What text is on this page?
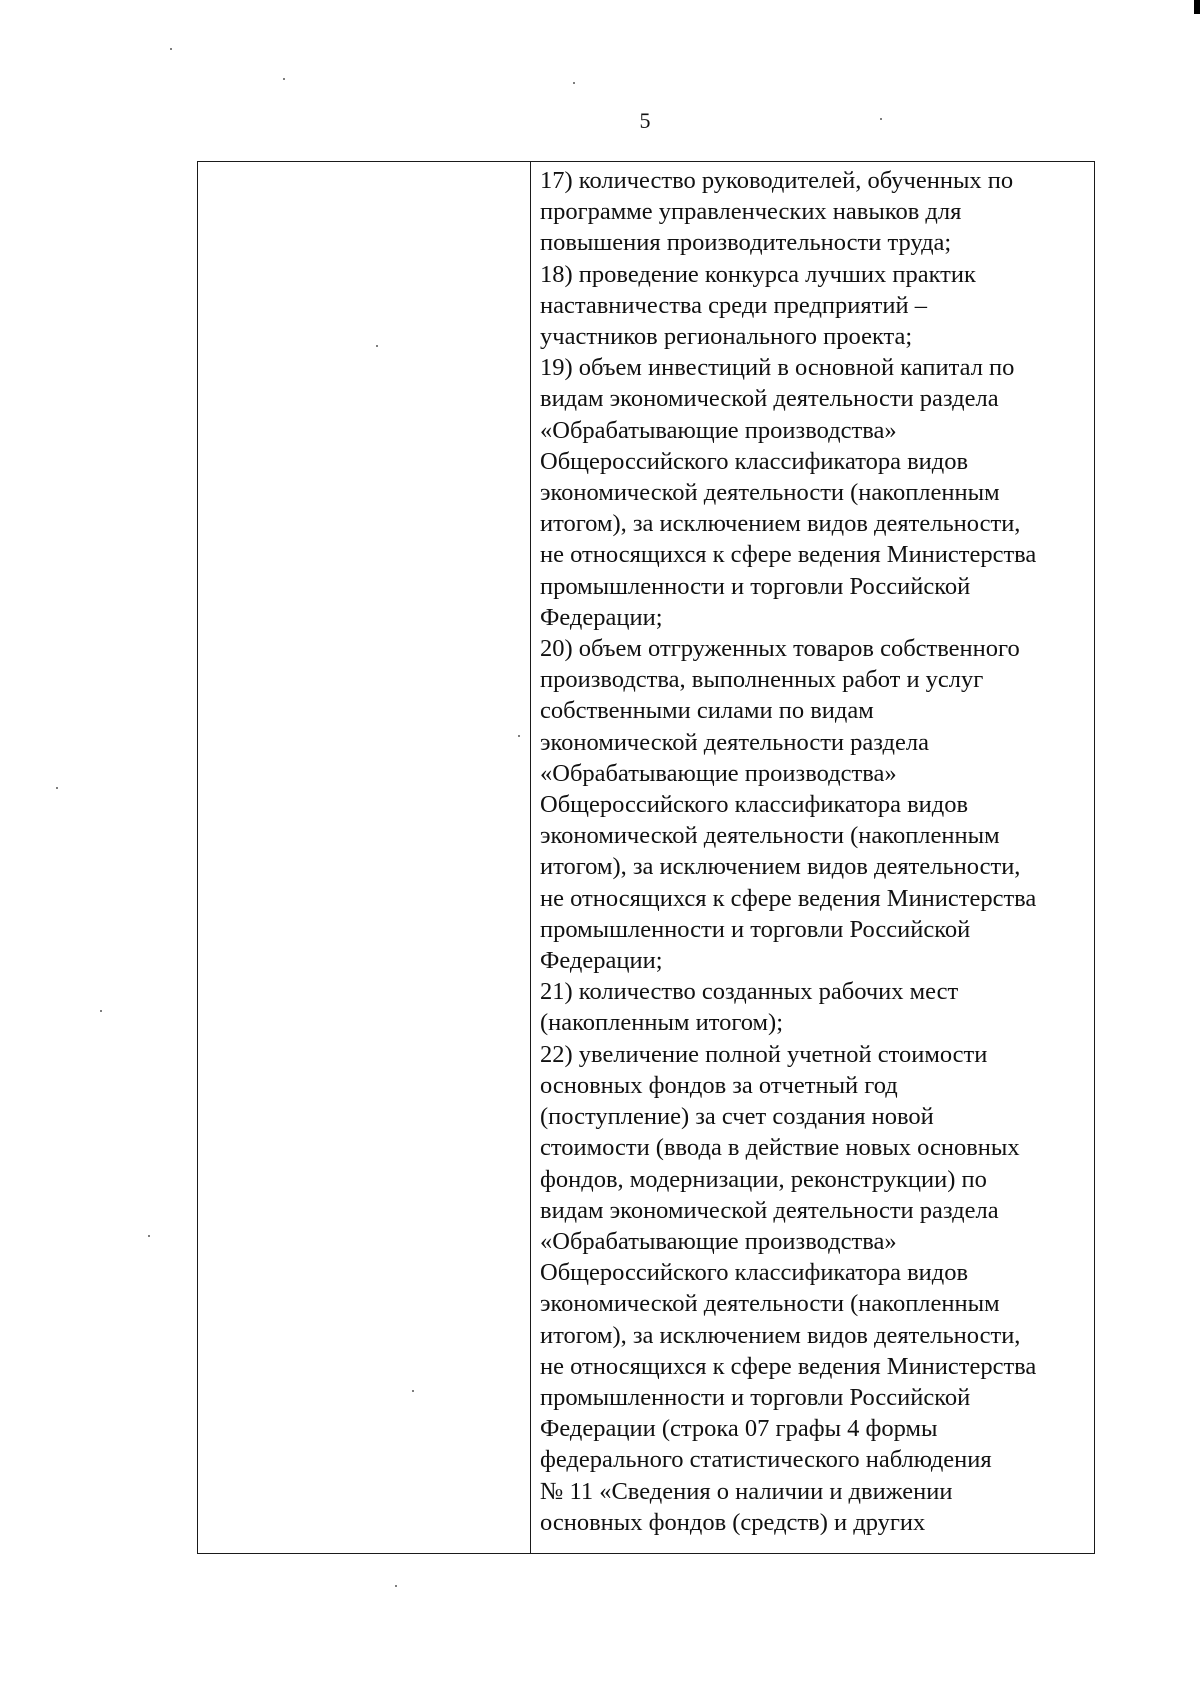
5
17) количество руководителей, обученных по
программе управленческих навыков для
повышения производительности труда;
18) проведение конкурса лучших практик
наставничества среди предприятий –
участников регионального проекта;
19) объем инвестиций в основной капитал по
видам экономической деятельности раздела
«Обрабатывающие производства»
Общероссийского классификатора видов
экономической деятельности (накопленным
итогом), за исключением видов деятельности,
не относящихся к сфере ведения Министерства
промышленности и торговли Российской
Федерации;
20) объем отгруженных товаров собственного
производства, выполненных работ и услуг
собственными силами по видам
экономической деятельности раздела
«Обрабатывающие производства»
Общероссийского классификатора видов
экономической деятельности (накопленным
итогом), за исключением видов деятельности,
не относящихся к сфере ведения Министерства
промышленности и торговли Российской
Федерации;
21) количество созданных рабочих мест
(накопленным итогом);
22) увеличение полной учетной стоимости
основных фондов за отчетный год
(поступление) за счет создания новой
стоимости (ввода в действие новых основных
фондов, модернизации, реконструкции) по
видам экономической деятельности раздела
«Обрабатывающие производства»
Общероссийского классификатора видов
экономической деятельности (накопленным
итогом), за исключением видов деятельности,
не относящихся к сфере ведения Министерства
промышленности и торговли Российской
Федерации (строка 07 графы 4 формы
федерального статистического наблюдения
№ 11 «Сведения о наличии и движении
основных фондов (средств) и других
